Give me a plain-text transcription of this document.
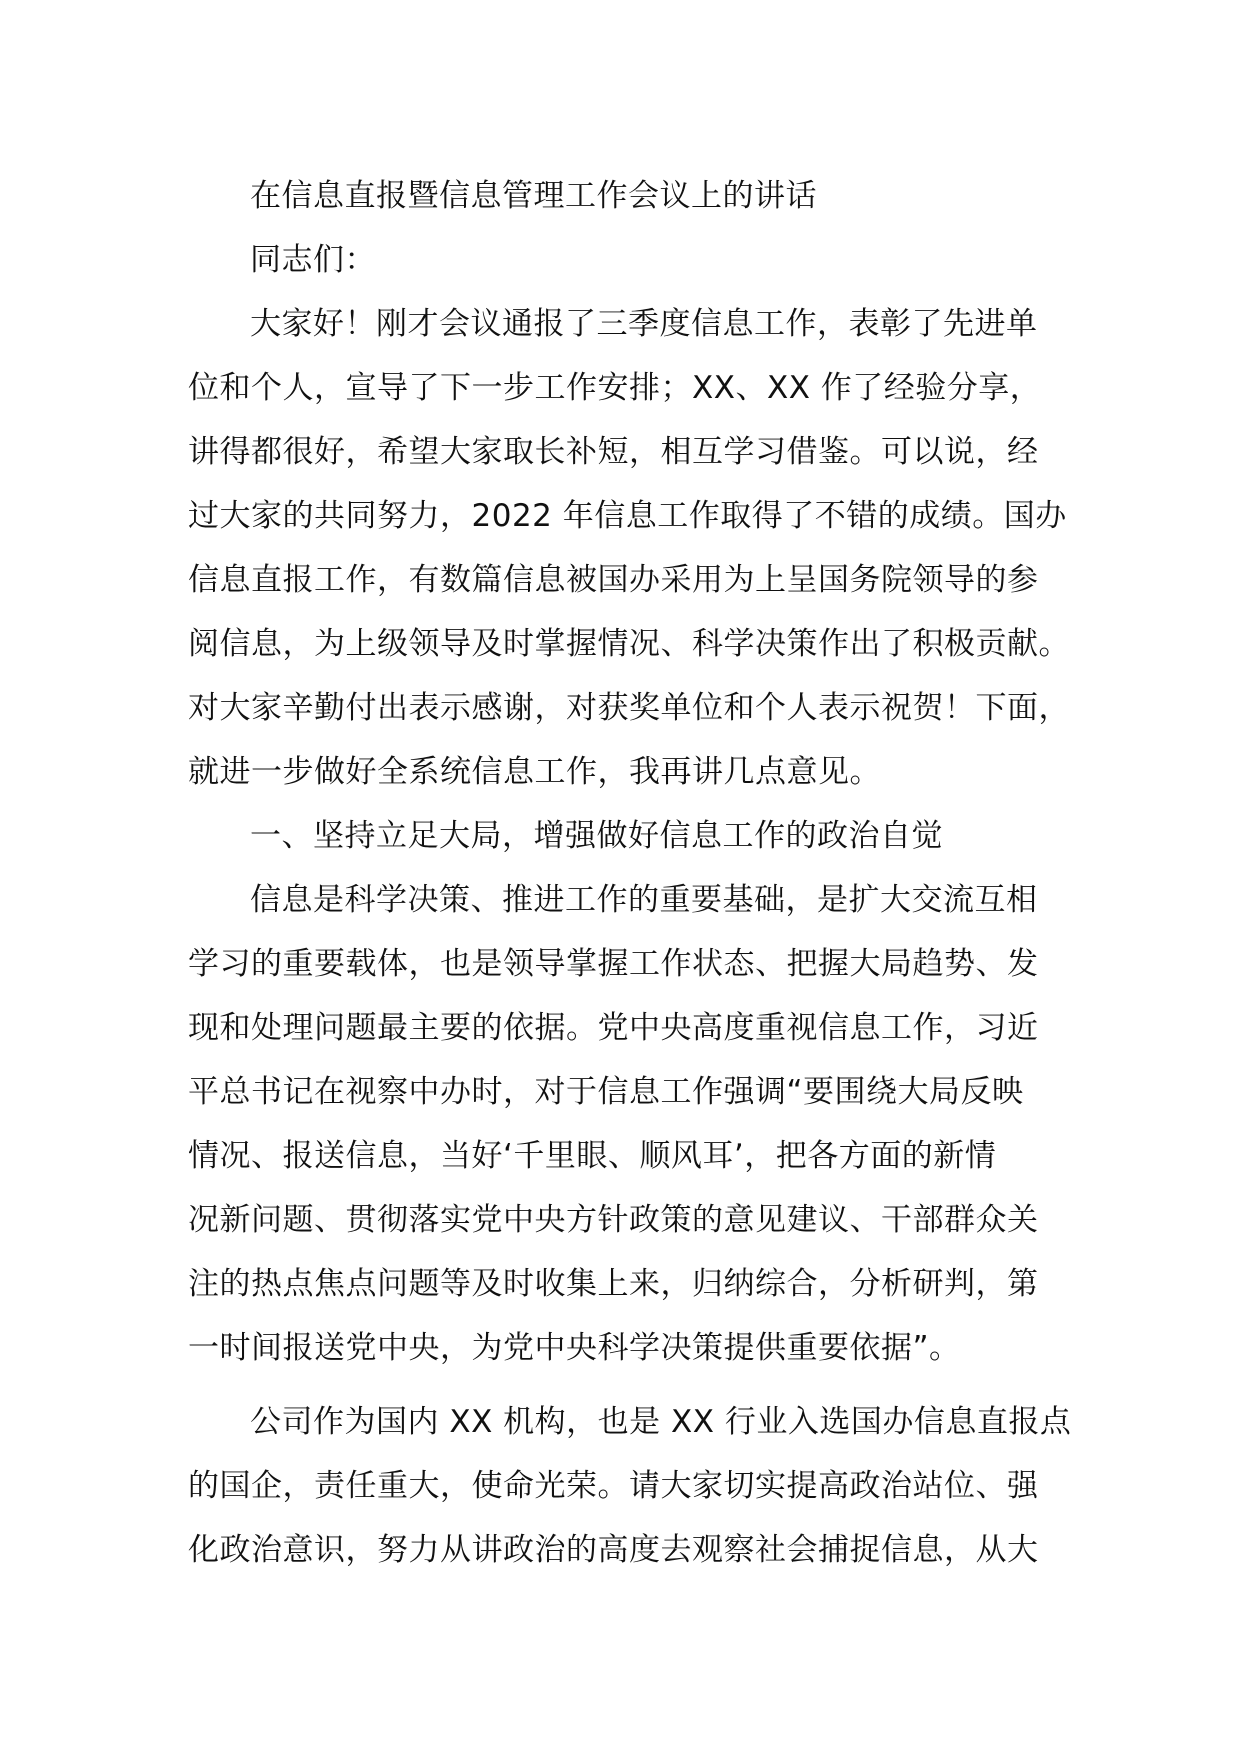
在信息直报暨信息管理工作会议上的讲话
同志们：
大家好！刚才会议通报了三季度信息工作，表彰了先进单
位和个人，宣导了下一步工作安排；XX、XX 作了经验分享，
讲得都很好，希望大家取长补短，相互学习借鉴。可以说，经
过大家的共同努力，2022 年信息工作取得了不错的成绩。国办
信息直报工作，有数篇信息被国办采用为上呈国务院领导的参
阅信息，为上级领导及时掌握情况、科学决策作出了积极贡献。
对大家辛勤付出表示感谢，对获奖单位和个人表示祝贺！下面，
就进一步做好全系统信息工作，我再讲几点意见。
一、坚持立足大局，增强做好信息工作的政治自觉
信息是科学决策、推进工作的重要基础，是扩大交流互相
学习的重要载体，也是领导掌握工作状态、把握大局趋势、发
现和处理问题最主要的依据。党中央高度重视信息工作，习近
平总书记在视察中办时，对于信息工作强调“要围绕大局反映
情况、报送信息，当好‘千里眼、顺风耳’，把各方面的新情
况新问题、贯彻落实党中央方针政策的意见建议、干部群众关
注的热点焦点问题等及时收集上来，归纳综合，分析研判，第
一时间报送党中央，为党中央科学决策提供重要依据”。
公司作为国内 XX 机构，也是 XX 行业入选国办信息直报点
的国企，责任重大，使命光荣。请大家切实提高政治站位、强
化政治意识，努力从讲政治的高度去观察社会捕捉信息，从大
